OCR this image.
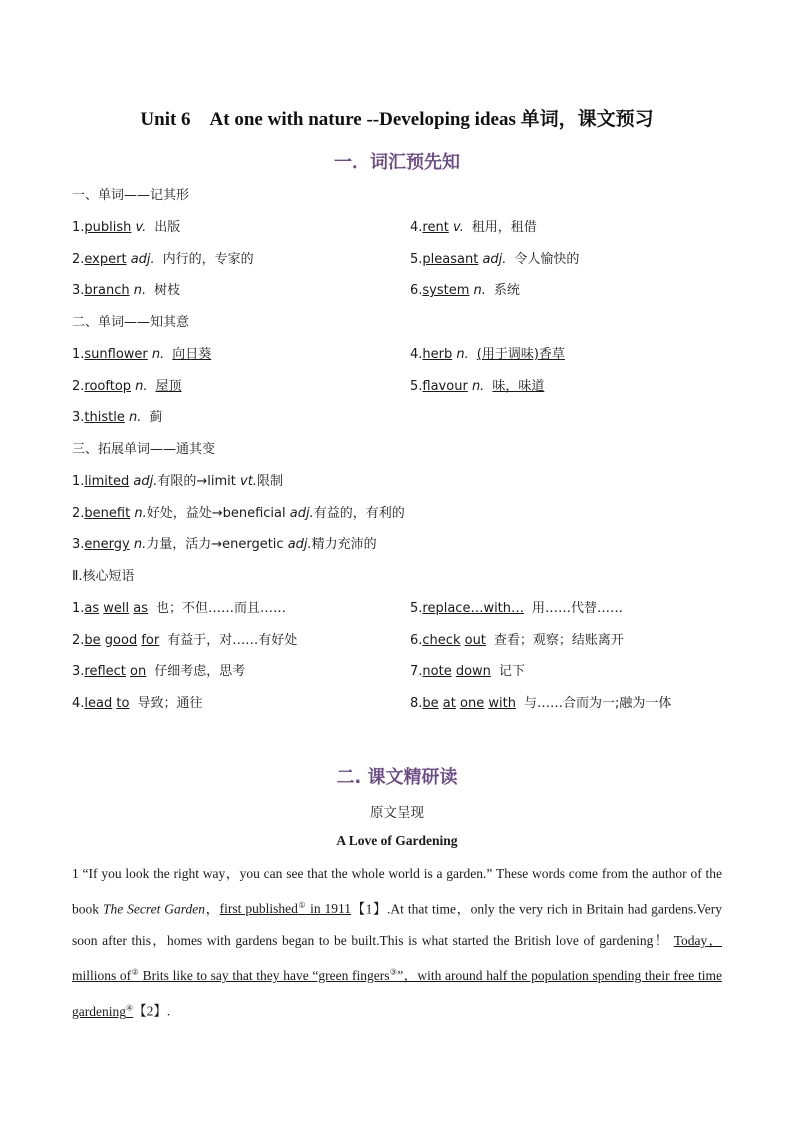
Unit 6　At one with nature --Developing ideas 单词，课文预习
一．词汇预先知
一、单词——记其形
1.publish v. 出版
2.expert adj. 内行的，专家的
3.branch n. 树枝
4.rent v. 租用，租借
5.pleasant adj. 令人愉快的
6.system n. 系统
二、单词——知其意
1.sunflower n. 向日葵
2.rooftop n. 屋顶
3.thistle n. 蓟
4.herb n. (用于调味)香草
5.flavour n. 味，味道
三、拓展单词——通其变
1.limited adj.有限的→limit vt.限制
2.benefit n.好处，益处→beneficial adj.有益的，有利的
3.energy n.力量，活力→energetic adj.精力充沛的
Ⅱ.核心短语
1.as well as 也；不但……而且……
2.be good for 有益于，对……有好处
3.reflect on 仔细考虑，思考
4.lead to 导致；通往
5.replace…with… 用……代替……
6.check out 查看；观察；结账离开
7.note down 记下
8.be at one with 与……合而为一;融为一体
二. 课文精研读
原文呈现
A Love of Gardening
1 “If you look the right way，you can see that the whole world is a garden.” These words come from the author of the book The Secret Garden，first published① in 1911【1】.At that time，only the very rich in Britain had gardens.Very soon after this，homes with gardens began to be built.This is what started the British love of gardening！ Today，millions of② Brits like to say that they have “green fingers③”，with around half the population spending their free time gardening④【2】.
